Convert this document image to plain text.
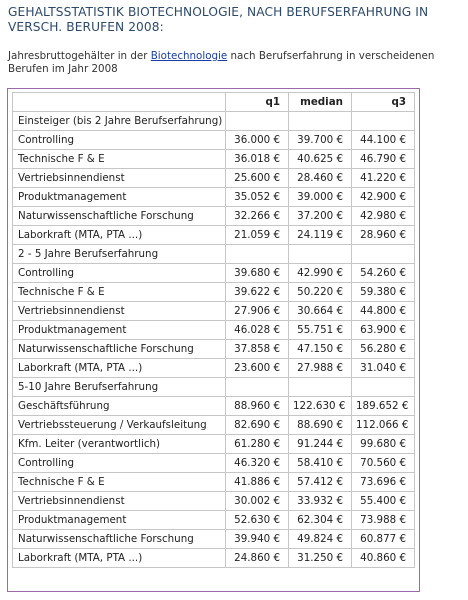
GEHALTSSTATISTIK BIOTECHNOLOGIE, NACH BERUFSERFAHRUNG IN VERSCH. BERUFEN 2008:
Jahresbruttogehälter in der Biotechnologie nach Berufserfahrung in verscheidenen Berufen im Jahr 2008
	q1	median	q3
Einsteiger (bis 2 Jahre Berufserfahrung)			
Controlling	36.000 €	39.700 €	44.100 €
Technische F & E	36.018 €	40.625 €	46.790 €
Vertriebsinnendienst	25.600 €	28.460 €	41.220 €
Produktmanagement	35.052 €	39.000 €	42.900 €
Naturwissenschaftliche Forschung	32.266 €	37.200 €	42.980 €
Laborkraft (MTA, PTA ...)	21.059 €	24.119 €	28.960 €
2 - 5 Jahre Berufserfahrung			
Controlling	39.680 €	42.990 €	54.260 €
Technische F & E	39.622 €	50.220 €	59.380 €
Vertriebsinnendienst	27.906 €	30.664 €	44.800 €
Produktmanagement	46.028 €	55.751 €	63.900 €
Naturwissenschaftliche Forschung	37.858 €	47.150 €	56.280 €
Laborkraft (MTA, PTA ...)	23.600 €	27.988 €	31.040 €
5-10 Jahre Berufserfahrung			
Geschäftsführung	88.960 €	122.630 €	189.652 €
Vertriebssteuerung / Verkaufsleitung	82.690 €	88.690 €	112.066 €
Kfm. Leiter (verantwortlich)	61.280 €	91.244 €	99.680 €
Controlling	46.320 €	58.410 €	70.560 €
Technische F & E	41.886 €	57.412 €	73.696 €
Vertriebsinnendienst	30.002 €	33.932 €	55.400 €
Produktmanagement	52.630 €	62.304 €	73.988 €
Naturwissenschaftliche Forschung	39.940 €	49.824 €	60.877 €
Laborkraft (MTA, PTA ...)	24.860 €	31.250 €	40.860 €
